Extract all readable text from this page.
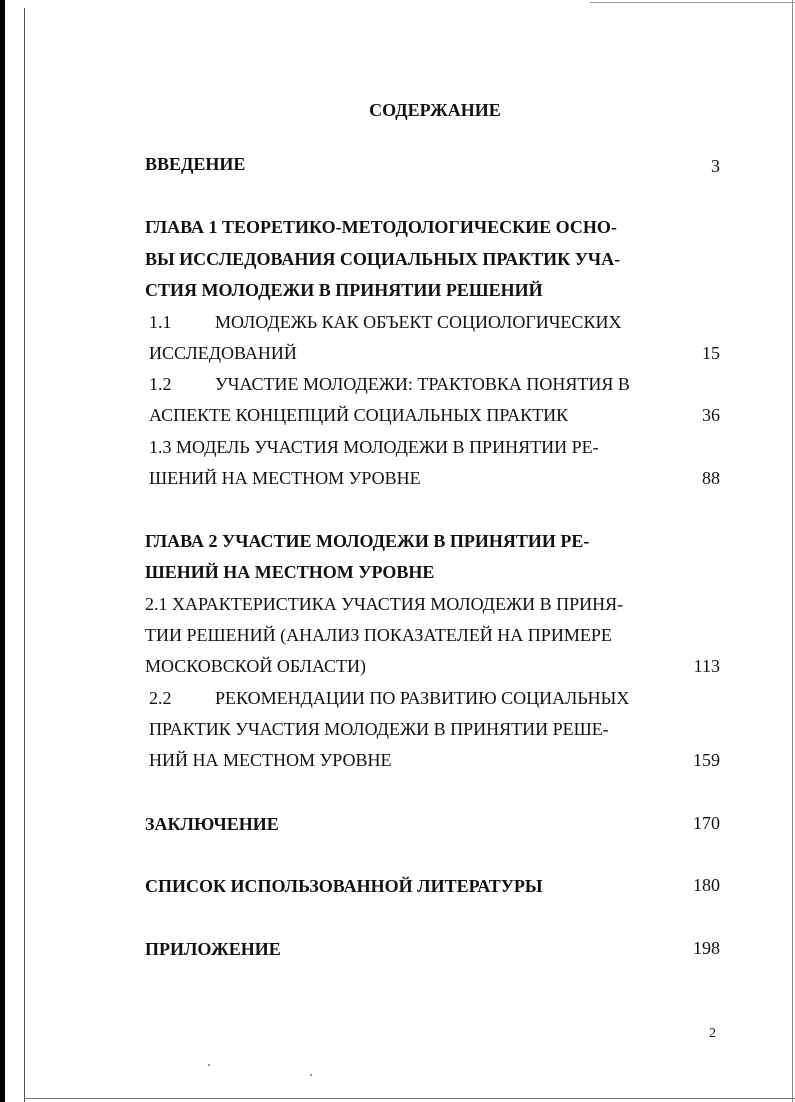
СОДЕРЖАНИЕ
ВВЕДЕНИЕ	3
ГЛАВА 1 ТЕОРЕТИКО-МЕТОДОЛОГИЧЕСКИЕ ОСНО-
ВЫ ИССЛЕДОВАНИЯ СОЦИАЛЬНЫХ ПРАКТИК УЧА-
СТИЯ МОЛОДЕЖИ В ПРИНЯТИИ РЕШЕНИЙ
1.1 МОЛОДЕЖЬ КАК ОБЪЕКТ СОЦИОЛОГИЧЕСКИХ
ИССЛЕДОВАНИЙ	15
1.2 УЧАСТИЕ МОЛОДЕЖИ: ТРАКТОВКА ПОНЯТИЯ В
АСПЕКТЕ КОНЦЕПЦИЙ СОЦИАЛЬНЫХ ПРАКТИК	36
1.3 МОДЕЛЬ УЧАСТИЯ МОЛОДЕЖИ В ПРИНЯТИИ РЕ-
ШЕНИЙ НА МЕСТНОМ УРОВНЕ	88
ГЛАВА 2 УЧАСТИЕ МОЛОДЕЖИ В ПРИНЯТИИ РЕ-
ШЕНИЙ НА МЕСТНОМ УРОВНЕ
2.1 ХАРАКТЕРИСТИКА УЧАСТИЯ МОЛОДЕЖИ В ПРИНЯ-
ТИИ РЕШЕНИЙ (АНАЛИЗ ПОКАЗАТЕЛЕЙ НА ПРИМЕРЕ
МОСКОВСКОЙ ОБЛАСТИ)	113
2.2 РЕКОМЕНДАЦИИ ПО РАЗВИТИЮ СОЦИАЛЬНЫХ
ПРАКТИК УЧАСТИЯ МОЛОДЕЖИ В ПРИНЯТИИ РЕШЕ-
НИЙ НА МЕСТНОМ УРОВНЕ	159
ЗАКЛЮЧЕНИЕ	170
СПИСОК ИСПОЛЬЗОВАННОЙ ЛИТЕРАТУРЫ	180
ПРИЛОЖЕНИЕ	198
2
